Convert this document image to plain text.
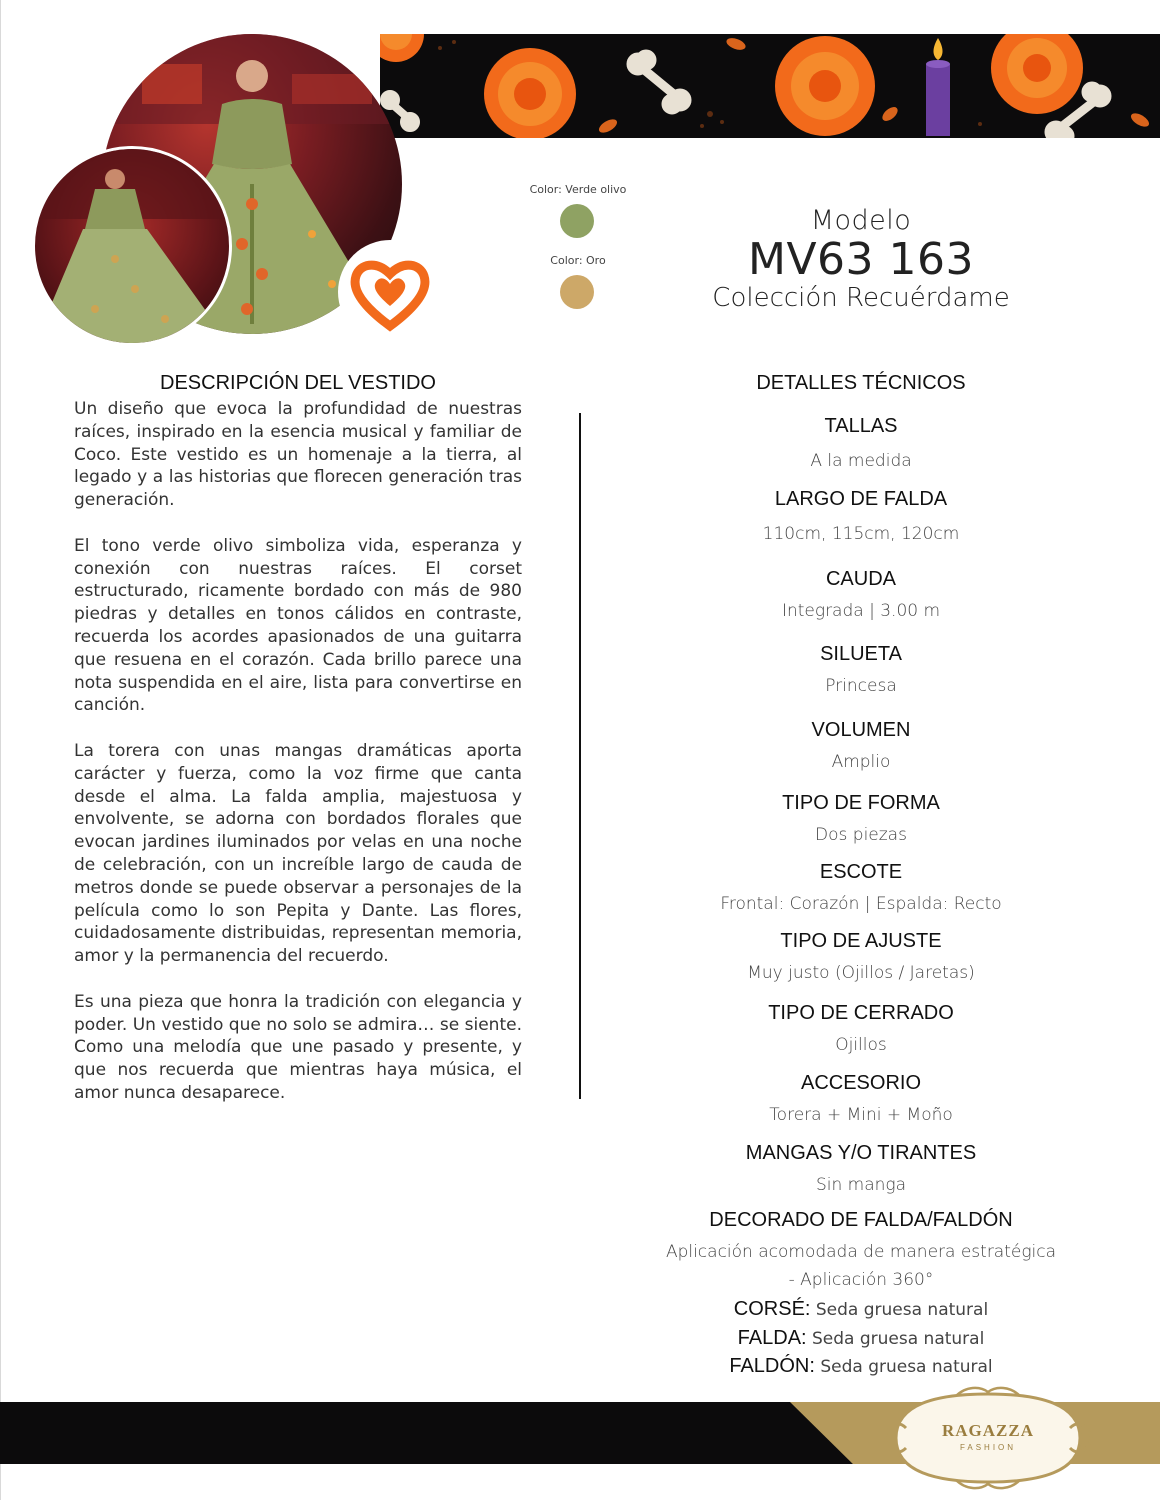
Color: Verde olivo
Color: Oro
Modelo
MV63 163
Colección Recuérdame
DESCRIPCIÓN DEL VESTIDO

Un diseño que evoca la profundidad de nuestras raíces, inspirado en la esencia musical y familiar de Coco. Este vestido es un homenaje a la tierra, al legado y a las historias que florecen generación tras generación.

El tono verde olivo simboliza vida, esperanza y conexión con nuestras raíces. El corset estructurado, ricamente bordado con más de 980 piedras y detalles en tonos cálidos en contraste, recuerda los acordes apasionados de una guitarra que resuena en el corazón. Cada brillo parece una nota suspendida en el aire, lista para convertirse en canción.

La torera con unas mangas dramáticas aporta carácter y fuerza, como la voz firme que canta desde el alma. La falda amplia, majestuosa y envolvente, se adorna con bordados florales que evocan jardines iluminados por velas en una noche de celebración, con un increíble largo de cauda de metros donde se puede observar a personajes de la película como lo son Pepita y Dante. Las flores, cuidadosamente distribuidas, representan memoria, amor y la permanencia del recuerdo.

Es una pieza que honra la tradición con elegancia y poder. Un vestido que no solo se admira… se siente. Como una melodía que une pasado y presente, y que nos recuerda que mientras haya música, el amor nunca desaparece.

DETALLES TÉCNICOS
TALLAS
A la medida
LARGO DE FALDA
110cm, 115cm, 120cm
CAUDA
Integrada | 3.00 m
SILUETA
Princesa
VOLUMEN
Amplio
TIPO DE FORMA
Dos piezas
ESCOTE
Frontal: Corazón | Espalda: Recto
TIPO DE AJUSTE
Muy justo (Ojillos / Jaretas)
TIPO DE CERRADO
Ojillos
ACCESORIO
Torera + Mini + Moño
MANGAS Y/O TIRANTES
Sin manga
DECORADO DE FALDA/FALDÓN
Aplicación acomodada de manera estratégica
- Aplicación 360°
CORSÉ: Seda gruesa natural
FALDA: Seda gruesa natural
FALDÓN: Seda gruesa natural
RAGAZZA
FASHION
